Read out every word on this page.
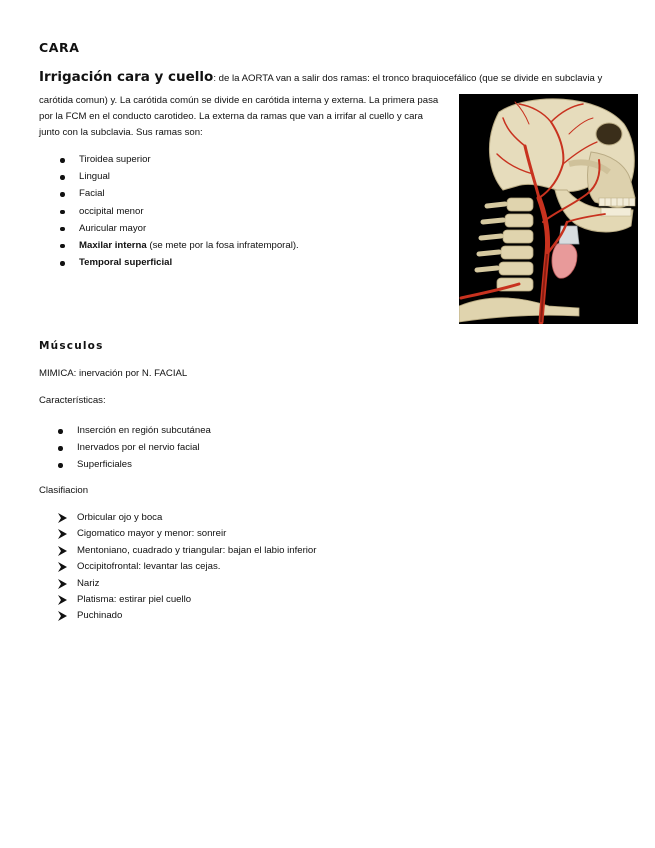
CARA

Irrigación cara y cuello: de la AORTA van a salir dos ramas: el tronco braquiocefálico (que se divide en subclavia y

carótida comun) y. La carótida común se divide en carótida interna y externa. La primera pasa por la FCM en el conducto carotideo. La externa da ramas que van a irrifar al cuello y cara junto con la subclavia. Sus ramas son:

Tiroidea superior
Lingual
Facial
occipital menor
Auricular mayor
Maxilar interna (se mete por la fosa infratemporal).
Temporal superficial
Músculos

MIMICA: inervación por N. FACIAL

Características:

Inserción en región subcutánea
Inervados por el nervio facial
Superficiales

Clasifiacion

Orbicular ojo y boca
Cigomatico mayor y menor: sonreir
Mentoniano, cuadrado y triangular: bajan el labio inferior
Occipitofrontal: levantar las cejas.
Nariz
Platisma: estirar piel cuello
Puchinado
